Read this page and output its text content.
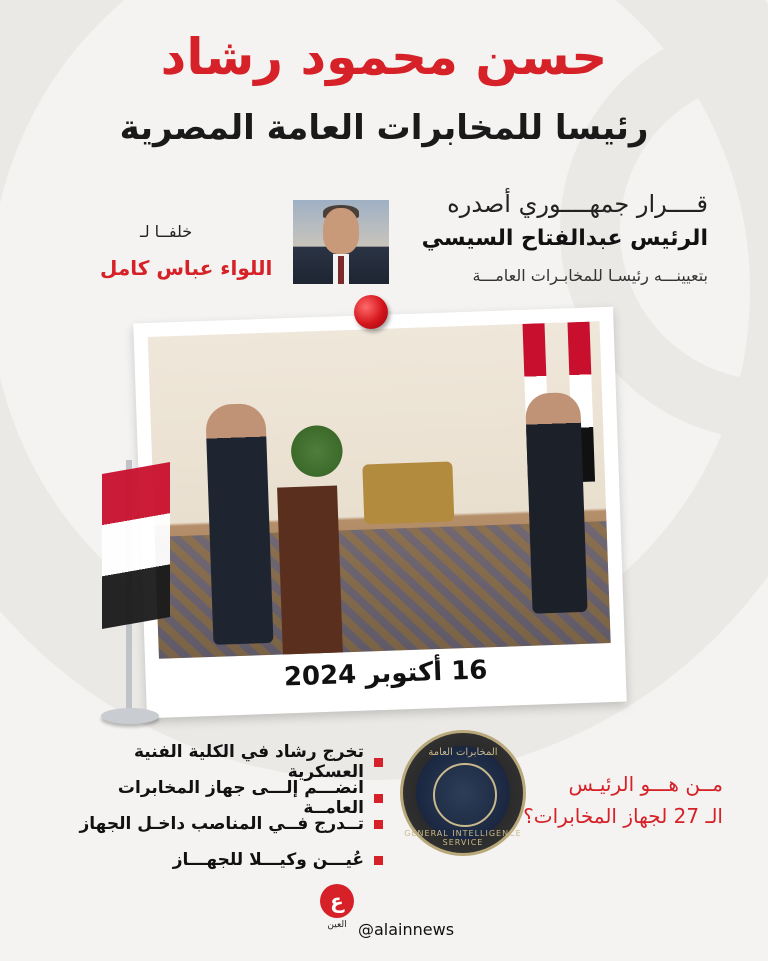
حسن محمود رشاد
رئيسا للمخابرات العامة المصرية
قــــرار جمهــــوري أصدره
الرئيس عبدالفتاح السيسي
بتعيينـــه رئيسـا للمخابـرات العامـــة
خلفــا لـ
اللواء عباس كامل
16 أكتوبر 2024
تخرج رشاد في الكلية الفنية العسكرية
انضـــم إلـــى جهاز المخابرات العامــة
تــدرج فــي المناصب داخـل الجهاز
عُيـــن وكيـــلا للجهـــاز
المخابرات العامة
GENERAL INTELLIGENCE SERVICE
مــن هـــو الرئيـس
الـ 27 لجهاز المخابرات؟
ع
العين @alainnews
